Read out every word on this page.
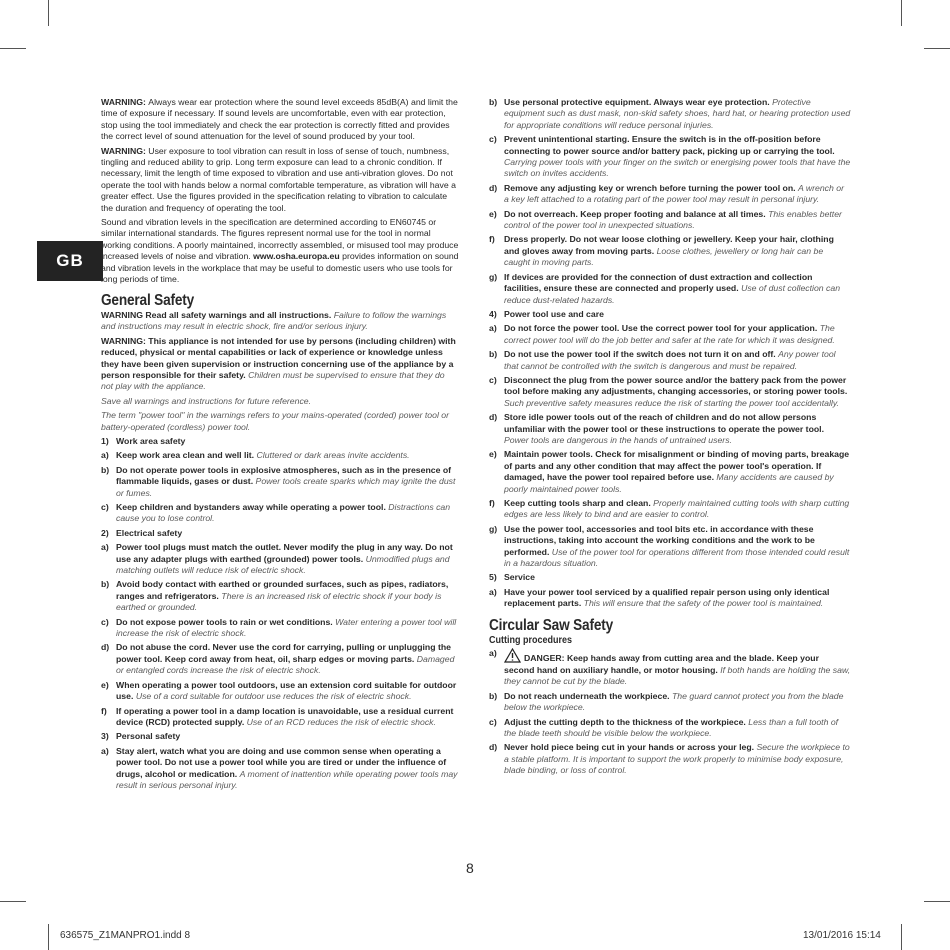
GB

WARNING: Always wear ear protection where the sound level exceeds 85dB(A) and limit the time of exposure if necessary. If sound levels are uncomfortable, even with ear protection, stop using the tool immediately and check the ear protection is correctly fitted and provides the correct level of sound attenuation for the level of sound produced by your tool.

WARNING: User exposure to tool vibration can result in loss of sense of touch, numbness, tingling and reduced ability to grip. Long term exposure can lead to a chronic condition. If necessary, limit the length of time exposed to vibration and use anti-vibration gloves. Do not operate the tool with hands below a normal comfortable temperature, as vibration will have a greater effect. Use the figures provided in the specification relating to vibration to calculate the duration and frequency of operating the tool.

Sound and vibration levels in the specification are determined according to EN60745 or similar international standards. The figures represent normal use for the tool in normal working conditions. A poorly maintained, incorrectly assembled, or misused tool may produce increased levels of noise and vibration. www.osha.europa.eu provides information on sound and vibration levels in the workplace that may be useful to domestic users who use tools for long periods of time.

General Safety

WARNING Read all safety warnings and all instructions. Failure to follow the warnings and instructions may result in electric shock, fire and/or serious injury.

WARNING: This appliance is not intended for use by persons (including children) with reduced, physical or mental capabilities or lack of experience or knowledge unless they have been given supervision or instruction concerning use of the appliance by a person responsible for their safety. Children must be supervised to ensure that they do not play with the appliance.

Save all warnings and instructions for future reference.

The term "power tool" in the warnings refers to your mains-operated (corded) power tool or battery-operated (cordless) power tool.

1) Work area safety
a) Keep work area clean and well lit. Cluttered or dark areas invite accidents.
b) Do not operate power tools in explosive atmospheres, such as in the presence of flammable liquids, gases or dust. Power tools create sparks which may ignite the dust or fumes.
c) Keep children and bystanders away while operating a power tool. Distractions can cause you to lose control.
2) Electrical safety
a) Power tool plugs must match the outlet. Never modify the plug in any way. Do not use any adapter plugs with earthed (grounded) power tools. Unmodified plugs and matching outlets will reduce risk of electric shock.
b) Avoid body contact with earthed or grounded surfaces, such as pipes, radiators, ranges and refrigerators. There is an increased risk of electric shock if your body is earthed or grounded.
c) Do not expose power tools to rain or wet conditions. Water entering a power tool will increase the risk of electric shock.
d) Do not abuse the cord. Never use the cord for carrying, pulling or unplugging the power tool. Keep cord away from heat, oil, sharp edges or moving parts. Damaged or entangled cords increase the risk of electric shock.
e) When operating a power tool outdoors, use an extension cord suitable for outdoor use. Use of a cord suitable for outdoor use reduces the risk of electric shock.
f)	If operating a power tool in a damp location is unavoidable, use a residual current device (RCD) protected supply. Use of an RCD reduces the risk of electric shock.
3) Personal safety
a) Stay alert, watch what you are doing and use common sense when operating a power tool. Do not use a power tool while you are tired or under the influence of drugs, alcohol or medication. A moment of inattention while operating power tools may result in serious personal injury.
b) Use personal protective equipment. Always wear eye protection. Protective equipment such as dust mask, non-skid safety shoes, hard hat, or hearing protection used for appropriate conditions will reduce personal injuries.
c) Prevent unintentional starting. Ensure the switch is in the off-position before connecting to power source and/or battery pack, picking up or carrying the tool. Carrying power tools with your finger on the switch or energising power tools that have the switch on invites accidents.
d) Remove any adjusting key or wrench before turning the power tool on. A wrench or a key left attached to a rotating part of the power tool may result in personal injury.
e) Do not overreach. Keep proper footing and balance at all times. This enables better control of the power tool in unexpected situations.
f)	Dress properly. Do not wear loose clothing or jewellery. Keep your hair, clothing and gloves away from moving parts. Loose clothes, jewellery or long hair can be caught in moving parts.
g) If devices are provided for the connection of dust extraction and collection facilities, ensure these are connected and properly used. Use of dust collection can reduce dust-related hazards.
4) Power tool use and care
a) Do not force the power tool. Use the correct power tool for your application. The correct power tool will do the job better and safer at the rate for which it was designed.
b) Do not use the power tool if the switch does not turn it on and off. Any power tool that cannot be controlled with the switch is dangerous and must be repaired.
c) Disconnect the plug from the power source and/or the battery pack from the power tool before making any adjustments, changing accessories, or storing power tools. Such preventive safety measures reduce the risk of starting the power tool accidentally.
d) Store idle power tools out of the reach of children and do not allow persons unfamiliar with the power tool or these instructions to operate the power tool. Power tools are dangerous in the hands of untrained users.
e) Maintain power tools. Check for misalignment or binding of moving parts, breakage of parts and any other condition that may affect the power tool's operation. If damaged, have the power tool repaired before use. Many accidents are caused by poorly maintained power tools.
f)	Keep cutting tools sharp and clean. Properly maintained cutting tools with sharp cutting edges are less likely to bind and are easier to control.
g) Use the power tool, accessories and tool bits etc. in accordance with these instructions, taking into account the working conditions and the work to be performed. Use of the power tool for operations different from those intended could result in a hazardous situation.
5) Service
a) Have your power tool serviced by a qualified repair person using only identical replacement parts. This will ensure that the safety of the power tool is maintained.
Circular Saw Safety
Cutting procedures
a)	DANGER: Keep hands away from cutting area and the blade. Keep your second hand on auxiliary handle, or motor housing. If both hands are holding the saw, they cannot be cut by the blade.
b) Do not reach underneath the workpiece. The guard cannot protect you from the blade below the workpiece.
c) Adjust the cutting depth to the thickness of the workpiece. Less than a full tooth of the blade teeth should be visible below the workpiece.
d) Never hold piece being cut in your hands or across your leg. Secure the workpiece to a stable platform. It is important to support the work properly to minimise body exposure, blade binding, or loss of control.
8
636575_Z1MANPRO1.indd 8	13/01/2016 15:14
